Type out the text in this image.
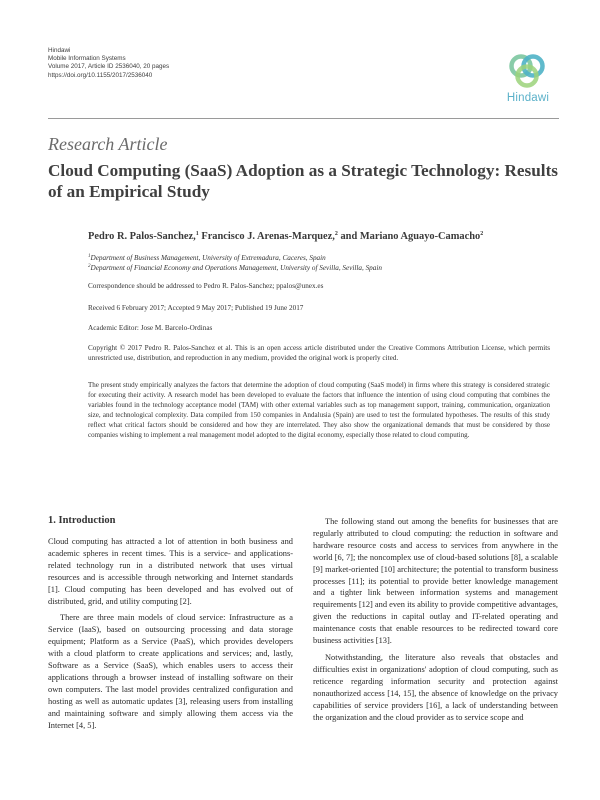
Hindawi
Mobile Information Systems
Volume 2017, Article ID 2536040, 20 pages
https://doi.org/10.1155/2017/2536040
Hindawi
Research Article
Cloud Computing (SaaS) Adoption as a Strategic Technology: Results of an Empirical Study
Pedro R. Palos-Sanchez,$^1$ Francisco J. Arenas-Marquez,$^2$ and Mariano Aguayo-Camacho$^2$
$^1$Department of Business Management, University of Extremadura, Caceres, Spain
$^2$Department of Financial Economy and Operations Management, University of Sevilla, Sevilla, Spain
Correspondence should be addressed to Pedro R. Palos-Sanchez; ppalos@unex.es
Received 6 February 2017; Accepted 9 May 2017; Published 19 June 2017
Academic Editor: Jose M. Barcelo-Ordinas
Copyright © 2017 Pedro R. Palos-Sanchez et al. This is an open access article distributed under the Creative Commons Attribution License, which permits unrestricted use, distribution, and reproduction in any medium, provided the original work is properly cited.
The present study empirically analyzes the factors that determine the adoption of cloud computing (SaaS model) in firms where this strategy is considered strategic for executing their activity. A research model has been developed to evaluate the factors that influence the intention of using cloud computing that combines the variables found in the technology acceptance model (TAM) with other external variables such as top management support, training, communication, organization size, and technological complexity. Data compiled from 150 companies in Andalusia (Spain) are used to test the formulated hypotheses. The results of this study reflect what critical factors should be considered and how they are interrelated. They also show the organizational demands that must be considered by those companies wishing to implement a real management model adopted to the digital economy, especially those related to cloud computing.
1. Introduction

Cloud computing has attracted a lot of attention in both business and academic spheres in recent times. This is a service- and applications-related technology run in a distributed network that uses virtual resources and is accessible through networking and Internet standards [1]. Cloud computing has been developed and has evolved out of distributed, grid, and utility computing [2].

There are three main models of cloud service: Infrastructure as a Service (IaaS), based on outsourcing processing and data storage equipment; Platform as a Service (PaaS), which provides developers with a cloud platform to create applications and services; and, lastly, Software as a Service (SaaS), which enables users to access their applications through a browser instead of installing software on their own computers. The last model provides centralized configuration and hosting as well as automatic updates [3], releasing users from installing and maintaining software and simply allowing them access via the Internet [4, 5].

The following stand out among the benefits for businesses that are regularly attributed to cloud computing: the reduction in software and hardware resource costs and access to services from anywhere in the world [6, 7]; the noncomplex use of cloud-based solutions [8], a scalable [9] market-oriented [10] architecture; the potential to transform business processes [11]; its potential to provide better knowledge management and a tighter link between information systems and management requirements [12] and even its ability to provide competitive advantages, given the reductions in capital outlay and IT-related operating and maintenance costs that enable resources to be redirected toward core business activities [13].

Notwithstanding, the literature also reveals that obstacles and difficulties exist in organizations' adoption of cloud computing, such as reticence regarding information security and protection against nonauthorized access [14, 15], the absence of knowledge on the privacy capabilities of service providers [16], a lack of understanding between the organization and the cloud provider as to service scope and
